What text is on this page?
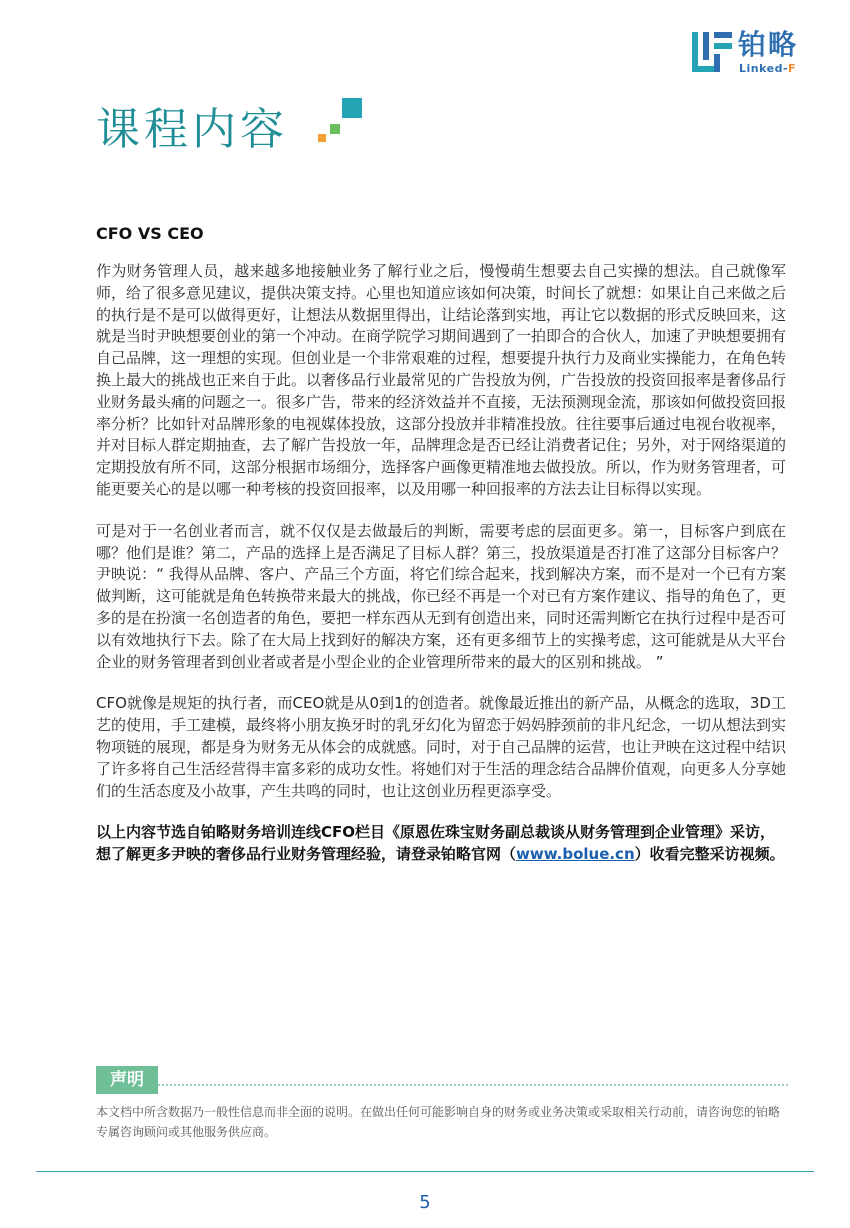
铂略
Linked-F
课程内容
CFO VS CEO

作为财务管理人员，越来越多地接触业务了解行业之后，慢慢萌生想要去自己实操的想法。自己就像军师，给了很多意见建议，提供决策支持。心里也知道应该如何决策，时间长了就想：如果让自己来做之后的执行是不是可以做得更好，让想法从数据里得出，让结论落到实地，再让它以数据的形式反映回来，这就是当时尹映想要创业的第一个冲动。在商学院学习期间遇到了一拍即合的合伙人，加速了尹映想要拥有自己品牌，这一理想的实现。但创业是一个非常艰难的过程，想要提升执行力及商业实操能力，在角色转换上最大的挑战也正来自于此。以奢侈品行业最常见的广告投放为例，广告投放的投资回报率是奢侈品行业财务最头痛的问题之一。很多广告，带来的经济效益并不直接，无法预测现金流，那该如何做投资回报率分析？比如针对品牌形象的电视媒体投放，这部分投放并非精准投放。往往要事后通过电视台收视率，并对目标人群定期抽查，去了解广告投放一年，品牌理念是否已经让消费者记住；另外，对于网络渠道的定期投放有所不同，这部分根据市场细分，选择客户画像更精准地去做投放。所以，作为财务管理者，可能更要关心的是以哪一种考核的投资回报率，以及用哪一种回报率的方法去让目标得以实现。

可是对于一名创业者而言，就不仅仅是去做最后的判断，需要考虑的层面更多。第一，目标客户到底在哪？他们是谁？第二，产品的选择上是否满足了目标人群？第三，投放渠道是否打准了这部分目标客户？尹映说：“ 我得从品牌、客户、产品三个方面，将它们综合起来，找到解决方案，而不是对一个已有方案做判断，这可能就是角色转换带来最大的挑战，你已经不再是一个对已有方案作建议、指导的角色了，更多的是在扮演一名创造者的角色，要把一样东西从无到有创造出来，同时还需判断它在执行过程中是否可以有效地执行下去。除了在大局上找到好的解决方案，还有更多细节上的实操考虑，这可能就是从大平台企业的财务管理者到创业者或者是小型企业的企业管理所带来的最大的区别和挑战。 ”

CFO就像是规矩的执行者，而CEO就是从0到1的创造者。就像最近推出的新产品，从概念的选取，3D工艺的使用，手工建模，最终将小朋友换牙时的乳牙幻化为留恋于妈妈脖颈前的非凡纪念，一切从想法到实物项链的展现，都是身为财务无从体会的成就感。同时，对于自己品牌的运营，也让尹映在这过程中结识了许多将自己生活经营得丰富多彩的成功女性。将她们对于生活的理念结合品牌价值观，向更多人分享她们的生活态度及小故事，产生共鸣的同时，也让这创业历程更添享受。

以上内容节选自铂略财务培训连线CFO栏目《原恩佐珠宝财务副总裁谈从财务管理到企业管理》采访，想了解更多尹映的奢侈品行业财务管理经验，请登录铂略官网（www.bolue.cn）收看完整采访视频。

声明
本文档中所含数据乃一般性信息而非全面的说明。在做出任何可能影响自身的财务或业务决策或采取相关行动前，请咨询您的铂略专属咨询顾问或其他服务供应商。
5
